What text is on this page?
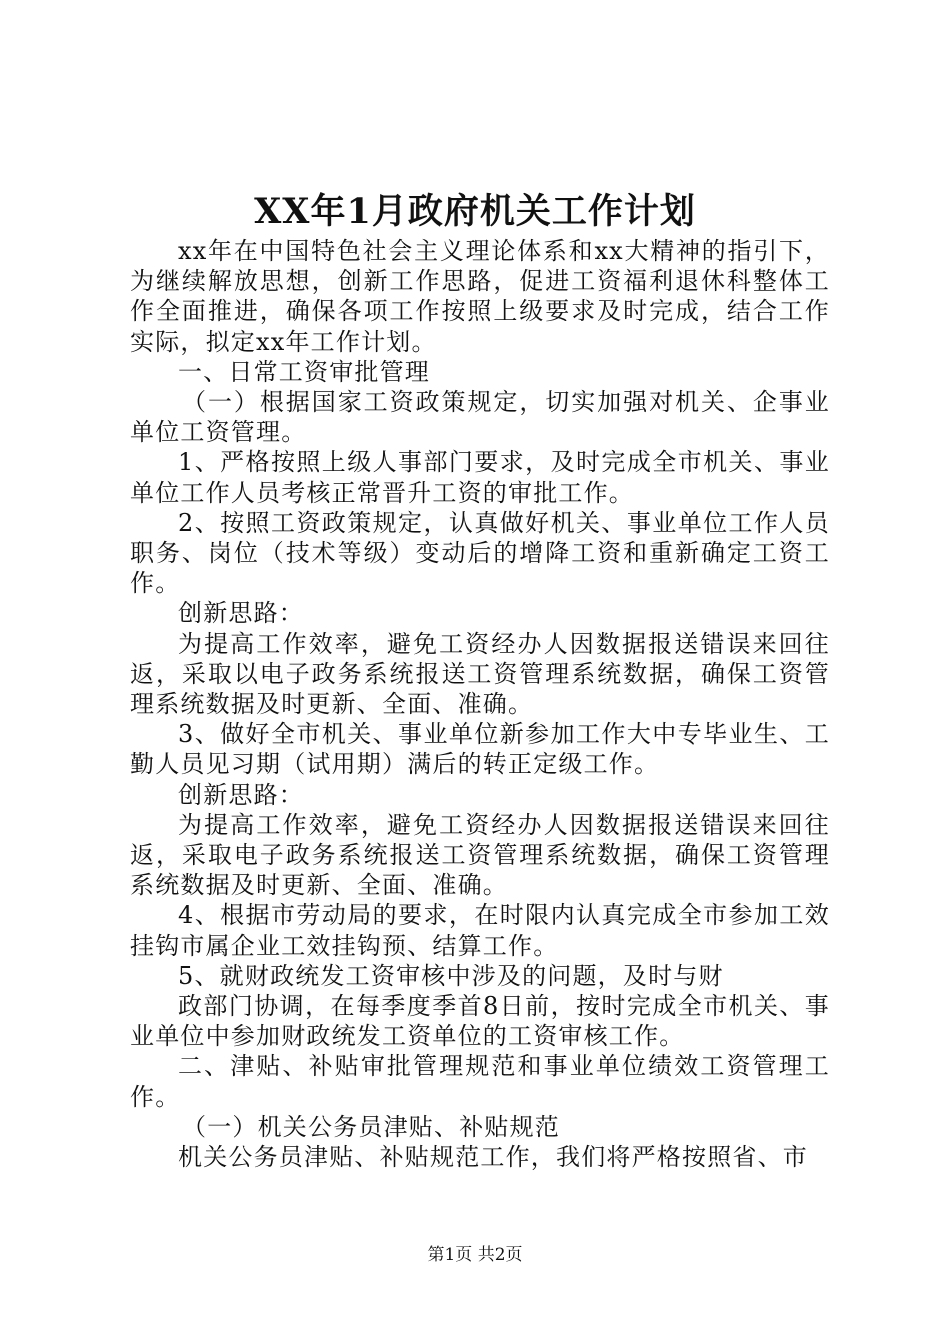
XX年1月政府机关工作计划

xx年在中国特色社会主义理论体系和xx大精神的指引下，为继续解放思想，创新工作思路，促进工资福利退休科整体工作全面推进，确保各项工作按照上级要求及时完成，结合工作实际，拟定xx年工作计划。

一、日常工资审批管理

（一）根据国家工资政策规定，切实加强对机关、企事业单位工资管理。

1、严格按照上级人事部门要求，及时完成全市机关、事业单位工作人员考核正常晋升工资的审批工作。

2、按照工资政策规定，认真做好机关、事业单位工作人员职务、岗位（技术等级）变动后的增降工资和重新确定工资工作。

创新思路：

为提高工作效率，避免工资经办人因数据报送错误来回往返，采取以电子政务系统报送工资管理系统数据，确保工资管理系统数据及时更新、全面、准确。

3、做好全市机关、事业单位新参加工作大中专毕业生、工勤人员见习期（试用期）满后的转正定级工作。

创新思路：

为提高工作效率，避免工资经办人因数据报送错误来回往返，采取电子政务系统报送工资管理系统数据，确保工资管理系统数据及时更新、全面、准确。

4、根据市劳动局的要求，在时限内认真完成全市参加工效挂钩市属企业工效挂钩预、结算工作。

5、就财政统发工资审核中涉及的问题，及时与财

政部门协调，在每季度季首8日前，按时完成全市机关、事业单位中参加财政统发工资单位的工资审核工作。

二、津贴、补贴审批管理规范和事业单位绩效工资管理工作。

（一）机关公务员津贴、补贴规范

机关公务员津贴、补贴规范工作，我们将严格按照省、市

第1页 共2页
